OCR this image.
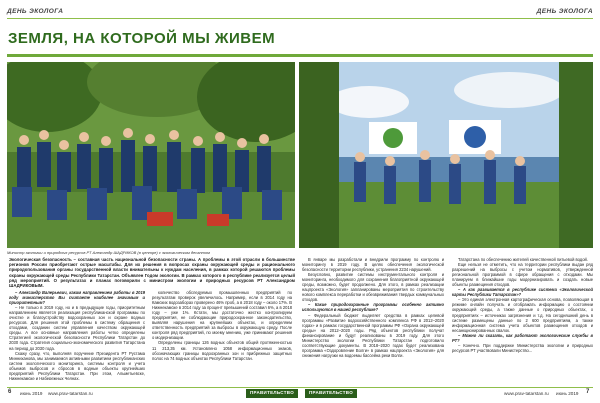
ДЕНЬ ЭКОЛОГА	ДЕНЬ ЭКОЛОГА
ЗЕМЛЯ, НА КОТОРОЙ МЫ ЖИВЕМ
Министр экологии и природных ресурсов РТ Александр ШАДРИКОВ (в центре) с экологическим десантом
Экологическая безопасность – составная часть национальной безопасности страны. А проблемы в этой отрасли в большинстве регионов России приобретают острые масштабы. Для их решения в вопросах охраны окружающей среды и рационального природопользования органы государственной власти внимательны к нуждам населения, в рамках которой решаются проблемы охраны окружающей среды Республики Татарстан. Объявлен Годом экологии. В рамках которого в республике реализуется целый ряд мероприятий. О результатах и планах поговорили с министром экологии и природных ресурсов РТ Александром ШАДРИКОВЫМ.

– Александр Валерьевич, каким направлением работы в 2019 году министерство Вы считаете наиболее значимым и приоритетным?

– Не только в 2019 году, но и в предыдущие годы, приоритетным направлением является реализация республиканской программы по очистке и благоустройству водоохранных зон и охране водных ресурсов. Для решения этой проблемы в систему обращения с отходами, создании систем управления качеством окружающей среды. А все основные направления работы четко определены Стратегией экологической безопасности Республики Татарстан до 2030 года. Стратегия социально-экономического развития Татарстана на период до 2030 года.

Скажу сразу, что, выполняя поручение Президента РТ Рустама Минниханова, мы занимаемся активными развитием республиканских систем экологического мониторинга, системы контроля и учета объемов выбросов и сбросов в водные объекты крупнейших предприятий Республики Татарстан. При этом, Альметьевске, Нижнекамске и Набережных Челнах.

количество обследуемых промышленных предприятий по результатам проверок увеличилось. Например, если в 2014 году на Камских водозаборах проверено 46% проб, а в 2018 году – около 17%. В Нижнекамске в 2014 году за процент превышений составил 6%, а в 2018 году – уже 1%. Кстати, мы достаточно жестко контролируем предприятия, не соблюдающие природоохранное законодательство, выявляя нарушения на крупнейших объектах, и определяем ответственность предприятий за выбросы в окружающую среду. После контроля ряд предприятий, по моему мнению, уже принимают решения о модернизации.

Определены границы 126 водных объектов общей протяженностью 11 213,35 км. Установлено 1058 информационных знаков, обозначающих границы водоохранных зон и прибрежных защитных полос на 74 водных объектах Республики Татарстан.

В январе мы разработали и внедрили программу по контролю и мониторингу в 2019 году. В целях обеспечения экологической безопасности территории республики, устранения 2234 нарушений.

Безусловно, развитие системы инструментального контроля и мониторинга, необходимого для сохранения благоприятной окружающей среды, возможно, будет продолжено. Для этого, в рамках реализации нацпроекта «Экология» запланированы мероприятия по строительству нового комплекса переработки и обезвреживания твердых коммунальных отходов.

– Какие природоохранные программы особенно активно используются в нашей республике?

– Федеральный бюджет выделяет средства в рамках целевой программы «Развитие водохозяйственного комплекса РФ в 2012–2020 годах» и в рамках государственной программы РФ «Охрана окружающей среды» на 2012–2020 годы. Ряд объектов республики получат финансирование и будут реализованы в 2019 году. Для этого Министерство экологии Республики Татарстан подготовило соответствующие документы. В 2018–2020 годах будет реализована программа «Оздоровление Волги» в рамках нацпроекта «Экология» для снижения нагрузки на водоемы бассейна реки Волги.

Татарстана по обеспечению жителей качественной питьевой водой.

Еще нельзя не отметить, что на территории республики выдан ряд разрешений на выбросы с учетом нормативов, утвержденной региональной программой в сфере обращения с отходами. Мы планируем в ближайшие годы модернизировать и создать новые объекты размещения отходов.

– А как развивается в республике система «Экологической карты Республики Татарстан»?

– Это единая электронная картографическая основа, позволяющая в режиме онлайн получать и отображать информацию о состоянии окружающей среды, а также данные о природных объектах, о предприятиях – источниках загрязнения и т.д. На сегодняшний день в системе размещены данные по 2 600 предприятиям, а также информационная система учета объектов размещения отходов и несанкционированных свалок.

– Можно ли сказать, как работают экологические службы в РТ?

– Конечно. При поддержке Министерства экологии и природных ресурсов РТ участвовали Министерство...

6 июнь 2019 www.prav-tatarstan.ru	ПРАВИТЕЛЬСТВО	ПРАВИТЕЛЬСТВО	www.prav-tatarstan.ru июнь 2019 7
